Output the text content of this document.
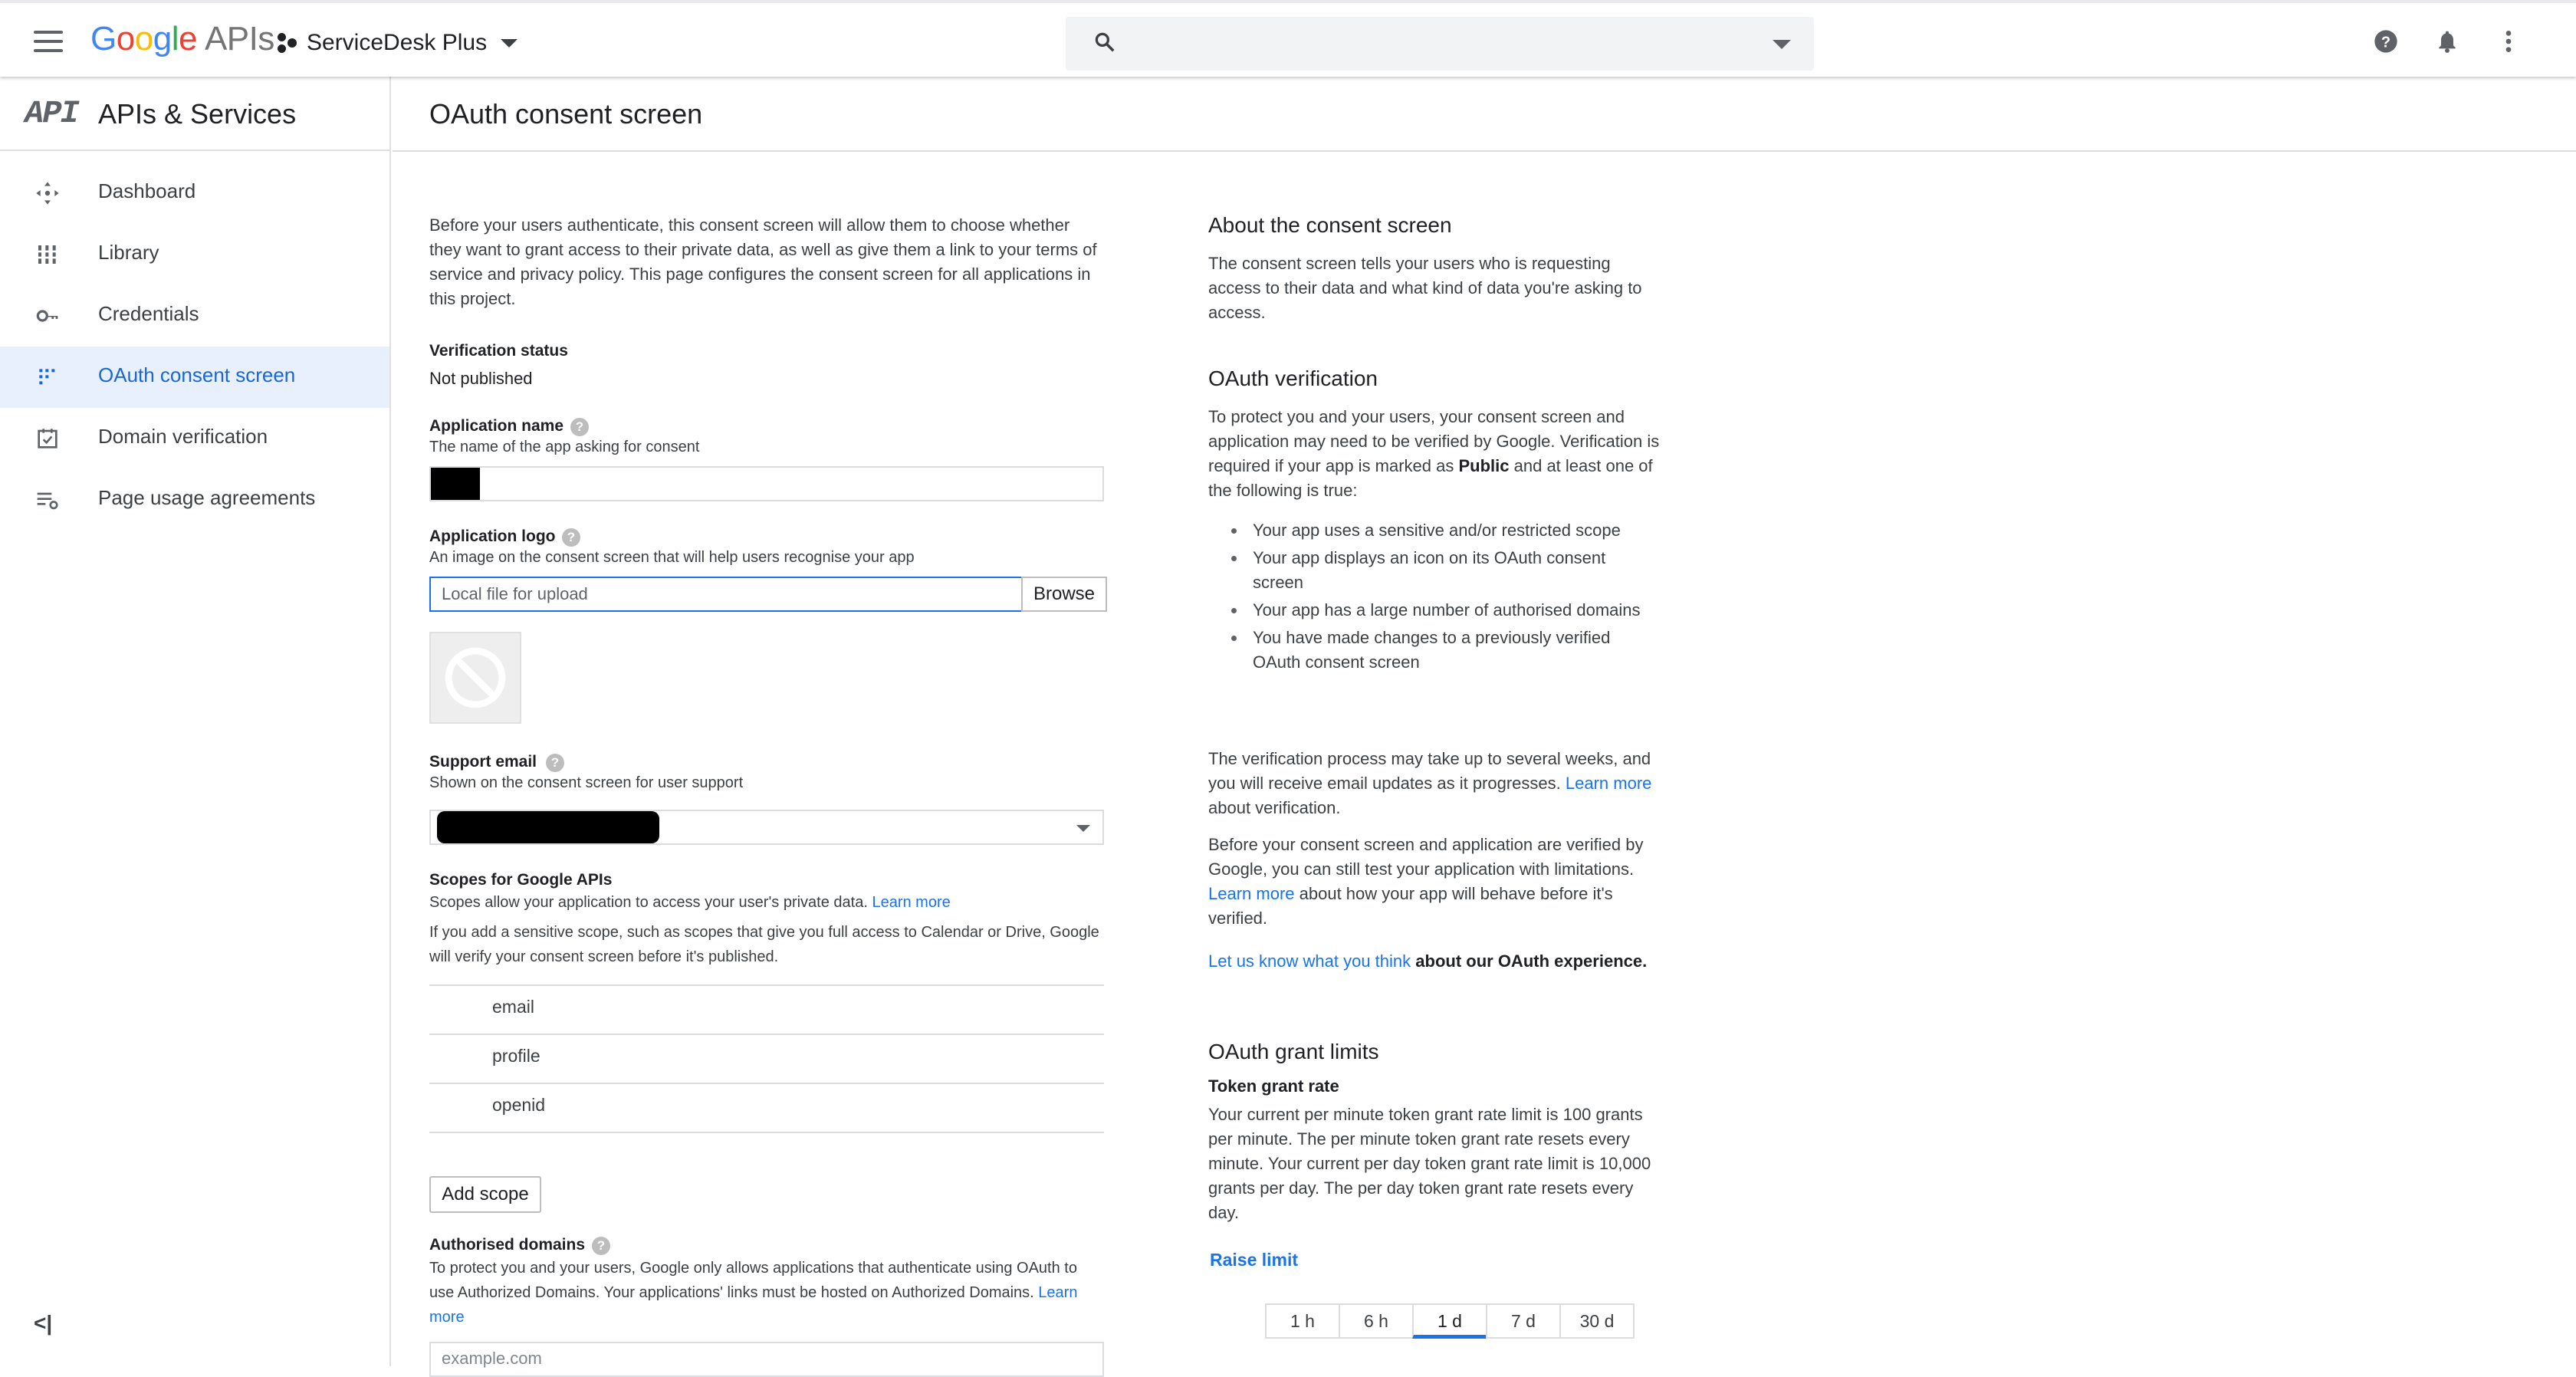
Google APIs ServiceDesk Plus	?
API APIs & Services
Dashboard
Library
Credentials
OAuth consent screen
Domain verification
Page usage agreements
<|
OAuth consent screen
Before your users authenticate, this consent screen will allow them to choose whether they want to grant access to their private data, as well as give them a link to your terms of service and privacy policy. This page configures the consent screen for all applications in this project.
Verification status
Not published
Application name ?
The name of the app asking for consent
Application logo ?
An image on the consent screen that will help users recognise your app
Local file for upload	Browse
Support email	?
Shown on the consent screen for user support
Scopes for Google APIs
Scopes allow your application to access your user's private data. Learn more
If you add a sensitive scope, such as scopes that give you full access to Calendar or Drive, Google will verify your consent screen before it's published.
email
profile
openid
Add scope
Authorised domains ?
To protect you and your users, Google only allows applications that authenticate using OAuth to use Authorized Domains. Your applications' links must be hosted on Authorized Domains. Learn more
example.com
About the consent screen
The consent screen tells your users who is requesting access to their data and what kind of data you're asking to access.
OAuth verification
To protect you and your users, your consent screen and application may need to be verified by Google. Verification is required if your app is marked as Public and at least one of the following is true:
Your app uses a sensitive and/or restricted scope
Your app displays an icon on its OAuth consent screen
Your app has a large number of authorised domains
You have made changes to a previously verified OAuth consent screen
The verification process may take up to several weeks, and you will receive email updates as it progresses. Learn more about verification.
Before your consent screen and application are verified by Google, you can still test your application with limitations. Learn more about how your app will behave before it's verified.
Let us know what you think about our OAuth experience.
OAuth grant limits
Token grant rate
Your current per minute token grant rate limit is 100 grants per minute. The per minute token grant rate resets every minute. Your current per day token grant rate limit is 10,000 grants per day. The per day token grant rate resets every day.
Raise limit
1 h	6 h	1 d	7 d	30 d
